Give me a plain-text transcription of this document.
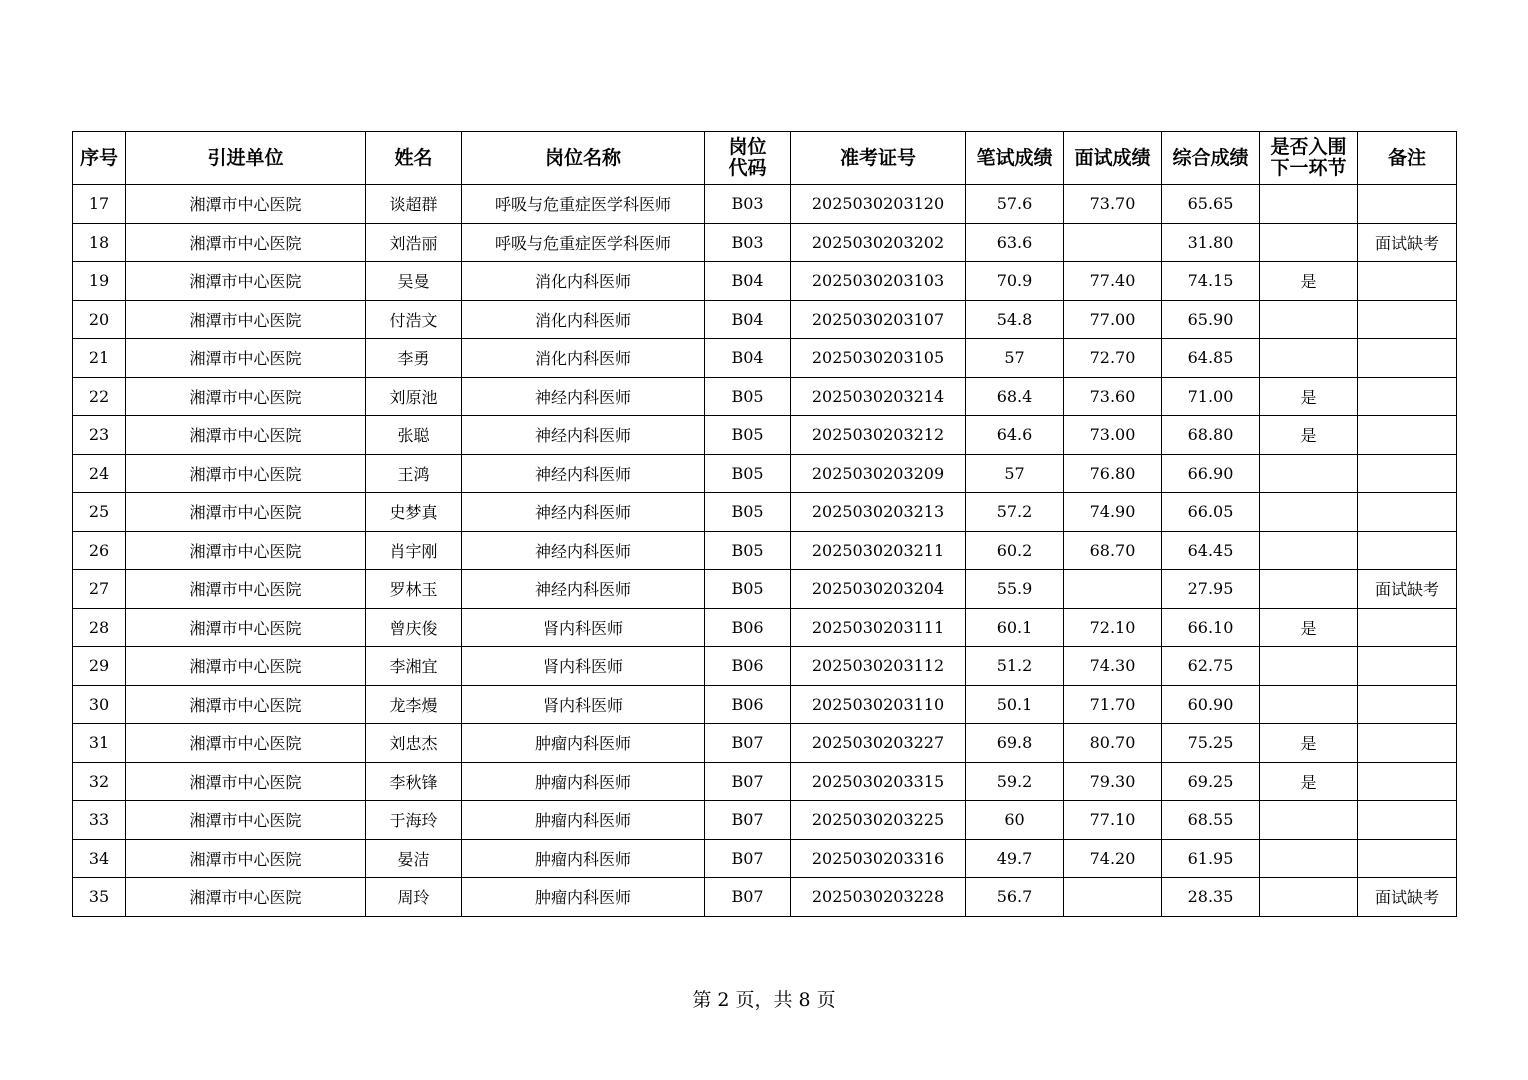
序号	引进单位	姓名	岗位名称	岗位
代码	准考证号	笔试成绩	面试成绩	综合成绩	是否入围
下一环节	备注

17	湘潭市中心医院	谈超群	呼吸与危重症医学科医师	B03	2025030203120	57.6	73.70	65.65		
18	湘潭市中心医院	刘浩丽	呼吸与危重症医学科医师	B03	2025030203202	63.6		31.80		面试缺考
19	湘潭市中心医院	吴曼	消化内科医师	B04	2025030203103	70.9	77.40	74.15	是	
20	湘潭市中心医院	付浩文	消化内科医师	B04	2025030203107	54.8	77.00	65.90		
21	湘潭市中心医院	李勇	消化内科医师	B04	2025030203105	57	72.70	64.85		
22	湘潭市中心医院	刘原池	神经内科医师	B05	2025030203214	68.4	73.60	71.00	是	
23	湘潭市中心医院	张聪	神经内科医师	B05	2025030203212	64.6	73.00	68.80	是	
24	湘潭市中心医院	王鸿	神经内科医师	B05	2025030203209	57	76.80	66.90		
25	湘潭市中心医院	史梦真	神经内科医师	B05	2025030203213	57.2	74.90	66.05		
26	湘潭市中心医院	肖宇刚	神经内科医师	B05	2025030203211	60.2	68.70	64.45		
27	湘潭市中心医院	罗林玉	神经内科医师	B05	2025030203204	55.9		27.95		面试缺考
28	湘潭市中心医院	曾庆俊	肾内科医师	B06	2025030203111	60.1	72.10	66.10	是	
29	湘潭市中心医院	李湘宜	肾内科医师	B06	2025030203112	51.2	74.30	62.75		
30	湘潭市中心医院	龙李熳	肾内科医师	B06	2025030203110	50.1	71.70	60.90		
31	湘潭市中心医院	刘忠杰	肿瘤内科医师	B07	2025030203227	69.8	80.70	75.25	是	
32	湘潭市中心医院	李秋锋	肿瘤内科医师	B07	2025030203315	59.2	79.30	69.25	是	
33	湘潭市中心医院	于海玲	肿瘤内科医师	B07	2025030203225	60	77.10	68.55		
34	湘潭市中心医院	晏洁	肿瘤内科医师	B07	2025030203316	49.7	74.20	61.95		
35	湘潭市中心医院	周玲	肿瘤内科医师	B07	2025030203228	56.7		28.35		面试缺考
第 2 页，共 8 页
